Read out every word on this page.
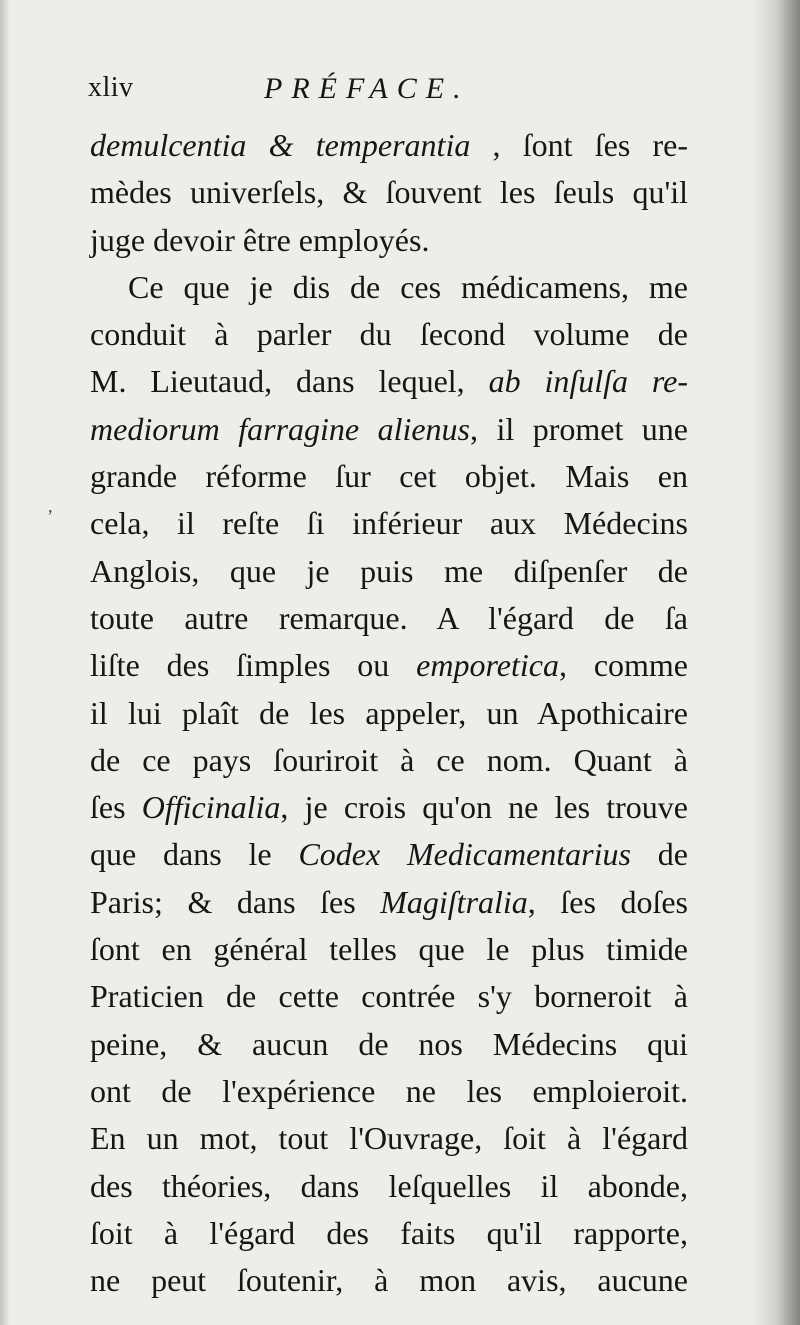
xliv	PRÉFACE.
,
demulcentia & temperantia , ſont ſes re-
mèdes univerſels, & ſouvent les ſeuls qu'il
juge devoir être employés.
Ce que je dis de ces médicamens, me
conduit à parler du ſecond volume de
M. Lieutaud, dans lequel, ab inſulſa re-
mediorum farragine alienus, il promet une
grande réforme ſur cet objet. Mais en
cela, il reſte ſi inférieur aux Médecins
Anglois, que je puis me diſpenſer de
toute autre remarque. A l'égard de ſa
liſte des ſimples ou emporetica, comme
il lui plaît de les appeler, un Apothicaire
de ce pays ſouriroit à ce nom. Quant à
ſes Officinalia, je crois qu'on ne les trouve
que dans le Codex Medicamentarius de
Paris; & dans ſes Magiſtralia, ſes doſes
ſont en général telles que le plus timide
Praticien de cette contrée s'y borneroit à
peine, & aucun de nos Médecins qui
ont de l'expérience ne les emploieroit.
En un mot, tout l'Ouvrage, ſoit à l'égard
des théories, dans leſquelles il abonde,
ſoit à l'égard des faits qu'il rapporte,
ne peut ſoutenir, à mon avis, aucune
